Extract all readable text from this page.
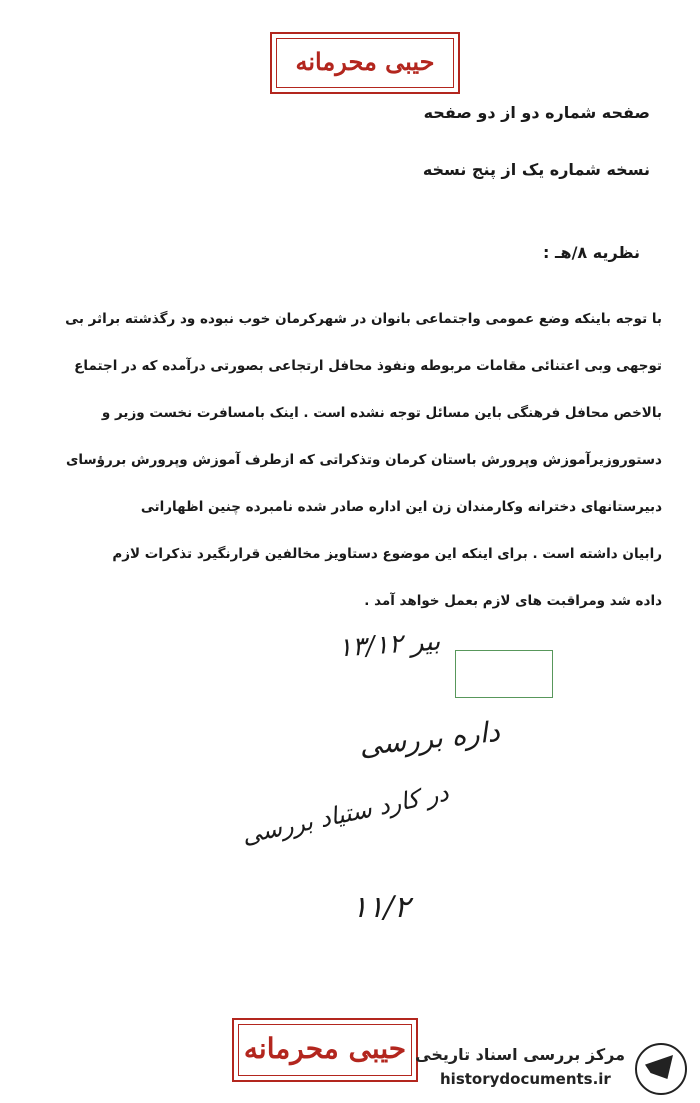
حیبی محرمانه
صفحه شماره دو از دو صفحه
نسخه شماره یک از پنج نسخه
نظریه ۸/هـ :

با توجه باینکه وضع عمومی واجتماعی بانوان در شهرکرمان خوب نبوده ود رگذشته براثر بی

توجهی وبی اعتنائی مقامات مربوطه ونفوذ محافل ارتجاعی بصورتی درآمده که در اجتماع

بالاخص محافل فرهنگی باین مسائل توجه نشده است . اینک بامسافرت نخست وزیر و

دستوروزیرآموزش وپرورش باستان کرمان وتذکراتی که ازطرف آموزش وپرورش بررؤسای

دبیرستانهای دخترانه وکارمندان زن این اداره صادر شده نامبرده چنین اظهاراتی

رابیان داشته است . برای اینکه این موضوع دستاویز مخالفین قرارنگیرد تذکرات لازم

داده شد ومراقبت های لازم بعمل خواهد آمد .

بیر ۱۳/۱۲
داره بررسی
در کارد ستیاد بررسی
۱۱/۲
حیبی محرمانه مرکز بررسی اسناد تاریخی
historydocuments.ir
